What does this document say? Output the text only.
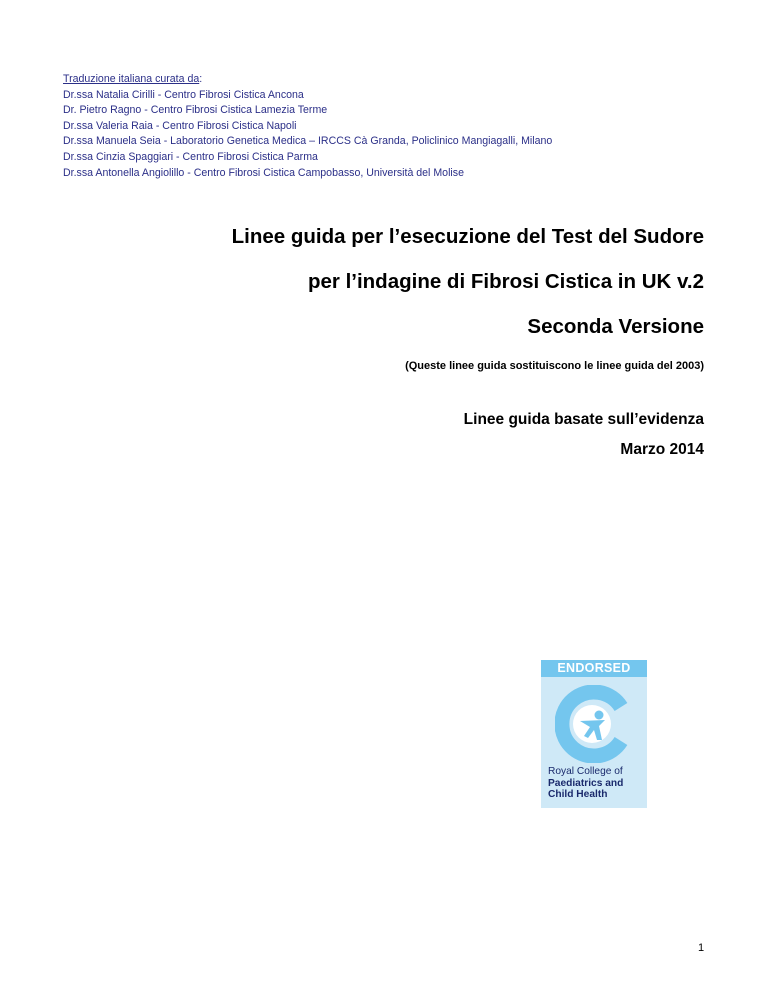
Traduzione italiana curata da:
Dr.ssa Natalia Cirilli - Centro Fibrosi Cistica Ancona
Dr. Pietro Ragno - Centro Fibrosi Cistica Lamezia Terme
Dr.ssa Valeria Raia - Centro Fibrosi Cistica Napoli
Dr.ssa Manuela Seia - Laboratorio Genetica Medica – IRCCS Cà Granda, Policlinico Mangiagalli, Milano
Dr.ssa Cinzia Spaggiari - Centro Fibrosi Cistica Parma
Dr.ssa Antonella Angiolillo - Centro Fibrosi Cistica Campobasso, Università del Molise
Linee guida per l’esecuzione del Test del Sudore
per l’indagine di Fibrosi Cistica in UK v.2
Seconda Versione
(Queste linee guida sostituiscono le linee guida del 2003)
Linee guida basate sull’evidenza
Marzo 2014
ENDORSED
Royal College of
Paediatrics and
Child Health
1
